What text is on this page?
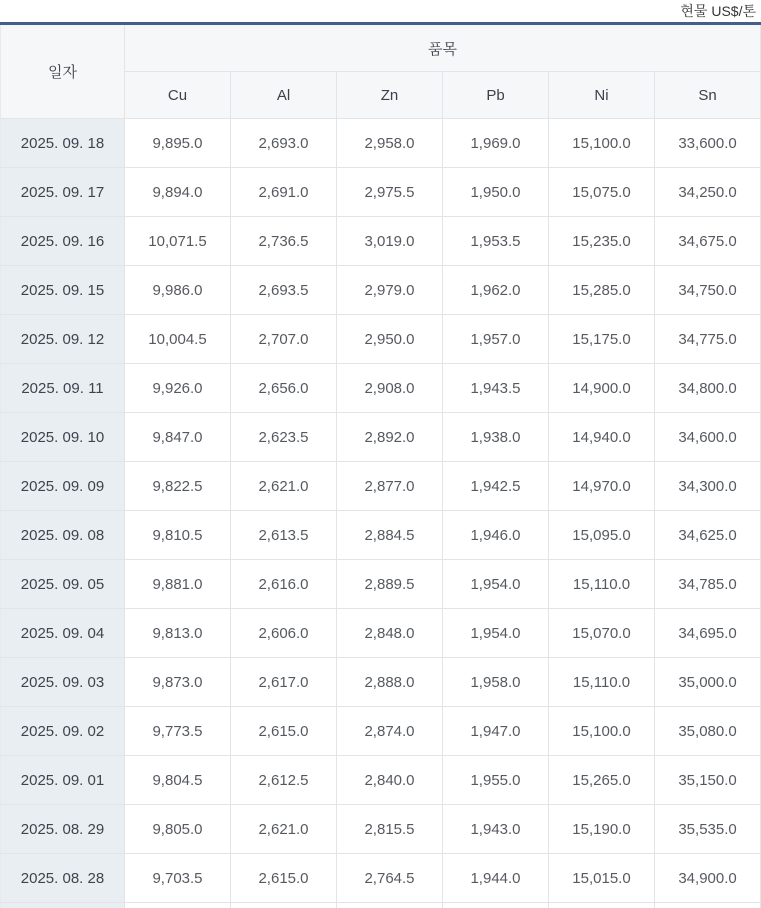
현물 US$/톤
일자	품목					
	Cu	Al	Zn	Pb	Ni	Sn
2025. 09. 18	9,895.0	2,693.0	2,958.0	1,969.0	15,100.0	33,600.0
2025. 09. 17	9,894.0	2,691.0	2,975.5	1,950.0	15,075.0	34,250.0
2025. 09. 16	10,071.5	2,736.5	3,019.0	1,953.5	15,235.0	34,675.0
2025. 09. 15	9,986.0	2,693.5	2,979.0	1,962.0	15,285.0	34,750.0
2025. 09. 12	10,004.5	2,707.0	2,950.0	1,957.0	15,175.0	34,775.0
2025. 09. 11	9,926.0	2,656.0	2,908.0	1,943.5	14,900.0	34,800.0
2025. 09. 10	9,847.0	2,623.5	2,892.0	1,938.0	14,940.0	34,600.0
2025. 09. 09	9,822.5	2,621.0	2,877.0	1,942.5	14,970.0	34,300.0
2025. 09. 08	9,810.5	2,613.5	2,884.5	1,946.0	15,095.0	34,625.0
2025. 09. 05	9,881.0	2,616.0	2,889.5	1,954.0	15,110.0	34,785.0
2025. 09. 04	9,813.0	2,606.0	2,848.0	1,954.0	15,070.0	34,695.0
2025. 09. 03	9,873.0	2,617.0	2,888.0	1,958.0	15,110.0	35,000.0
2025. 09. 02	9,773.5	2,615.0	2,874.0	1,947.0	15,100.0	35,080.0
2025. 09. 01	9,804.5	2,612.5	2,840.0	1,955.0	15,265.0	35,150.0
2025. 08. 29	9,805.0	2,621.0	2,815.5	1,943.0	15,190.0	35,535.0
2025. 08. 28	9,703.5	2,615.0	2,764.5	1,944.0	15,015.0	34,900.0
